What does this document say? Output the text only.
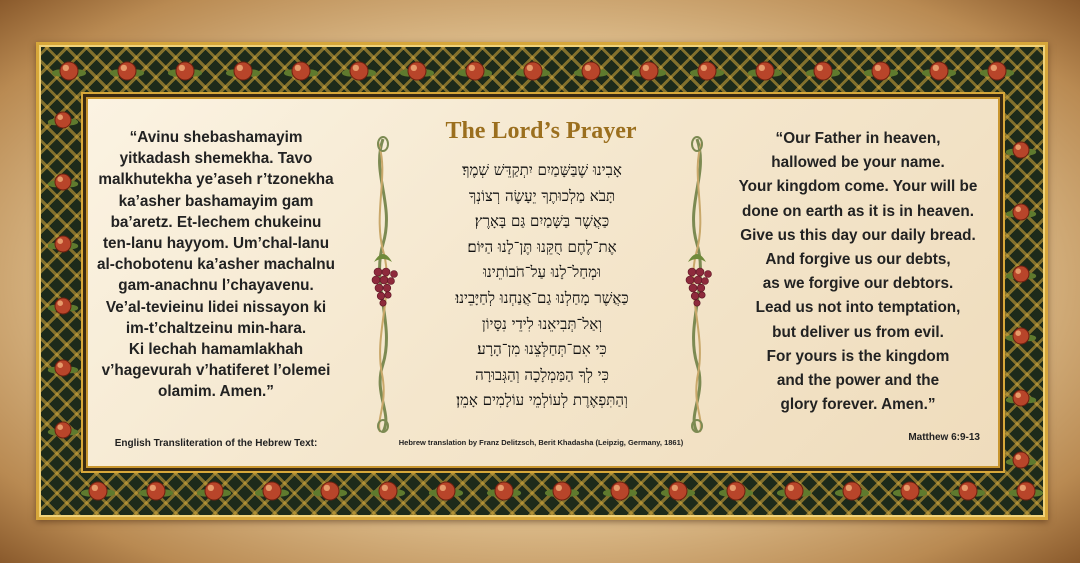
“Avinu shebashamayim
yitkadash shemekha. Tavo
malkhutekha ye’aseh r’tzonekha
ka’asher bashamayim gam
ba’aretz. Et-lechem chukeinu
ten-lanu hayyom. Um’chal-lanu
al-chobotenu ka’asher machalnu
gam-anachnu l’chayavenu.
Ve’al-tevieinu lidei nissayon ki
im-t’chaltzeinu min-hara.
Ki lechah hamamlakhah
v’hagevurah v’hatiferet l’olemei
olamim. Amen.”
English Transliteration of the Hebrew Text:
The Lord’s Prayer
אָבִינוּ שֶׁבַּשָּׁמַיִם יִתְקַדֵּשׁ שְׁמֶךָ׃
תָּבֹא מַלְכוּתֶךָ יֵעָשֶׂה רְצוֹנְךָ
כַּאֲשֶׁר בַּשָּׁמַיִם גַּם בָּאָרֶץ׃
אֶת־לֶחֶם חֻקֵּנוּ תֶּן־לָנוּ הַיּוֹם׃
וּמְחַל־לָנוּ עַל־חֹבוֹתֵינוּ
כַּאֲשֶׁר מָחַלְנוּ גַם־אֲנַחְנוּ לְחַיָּבֵינוּ׃
וְאַל־תְּבִיאֵנוּ לִידֵי נִסָּיוֹן
כִּי אִם־תְּחַלְּצֵנוּ מִן־הָרָע׃
כִּי לְךָ הַמַּמְלָכָה וְהַגְּבוּרָה
וְהַתִּפְאֶרֶת לְעוֹלְמֵי עוֹלָמִים אָמֵן׃
Hebrew translation by Franz Delitzsch, Berit Khadasha (Leipzig, Germany, 1861)
“Our Father in heaven,
hallowed be your name.
Your kingdom come. Your will be
done on earth as it is in heaven.
Give us this day our daily bread.
And forgive us our debts,
as we forgive our debtors.
Lead us not into temptation,
but deliver us from evil.
For yours is the kingdom
and the power and the
glory forever. Amen.”
Matthew 6:9-13
